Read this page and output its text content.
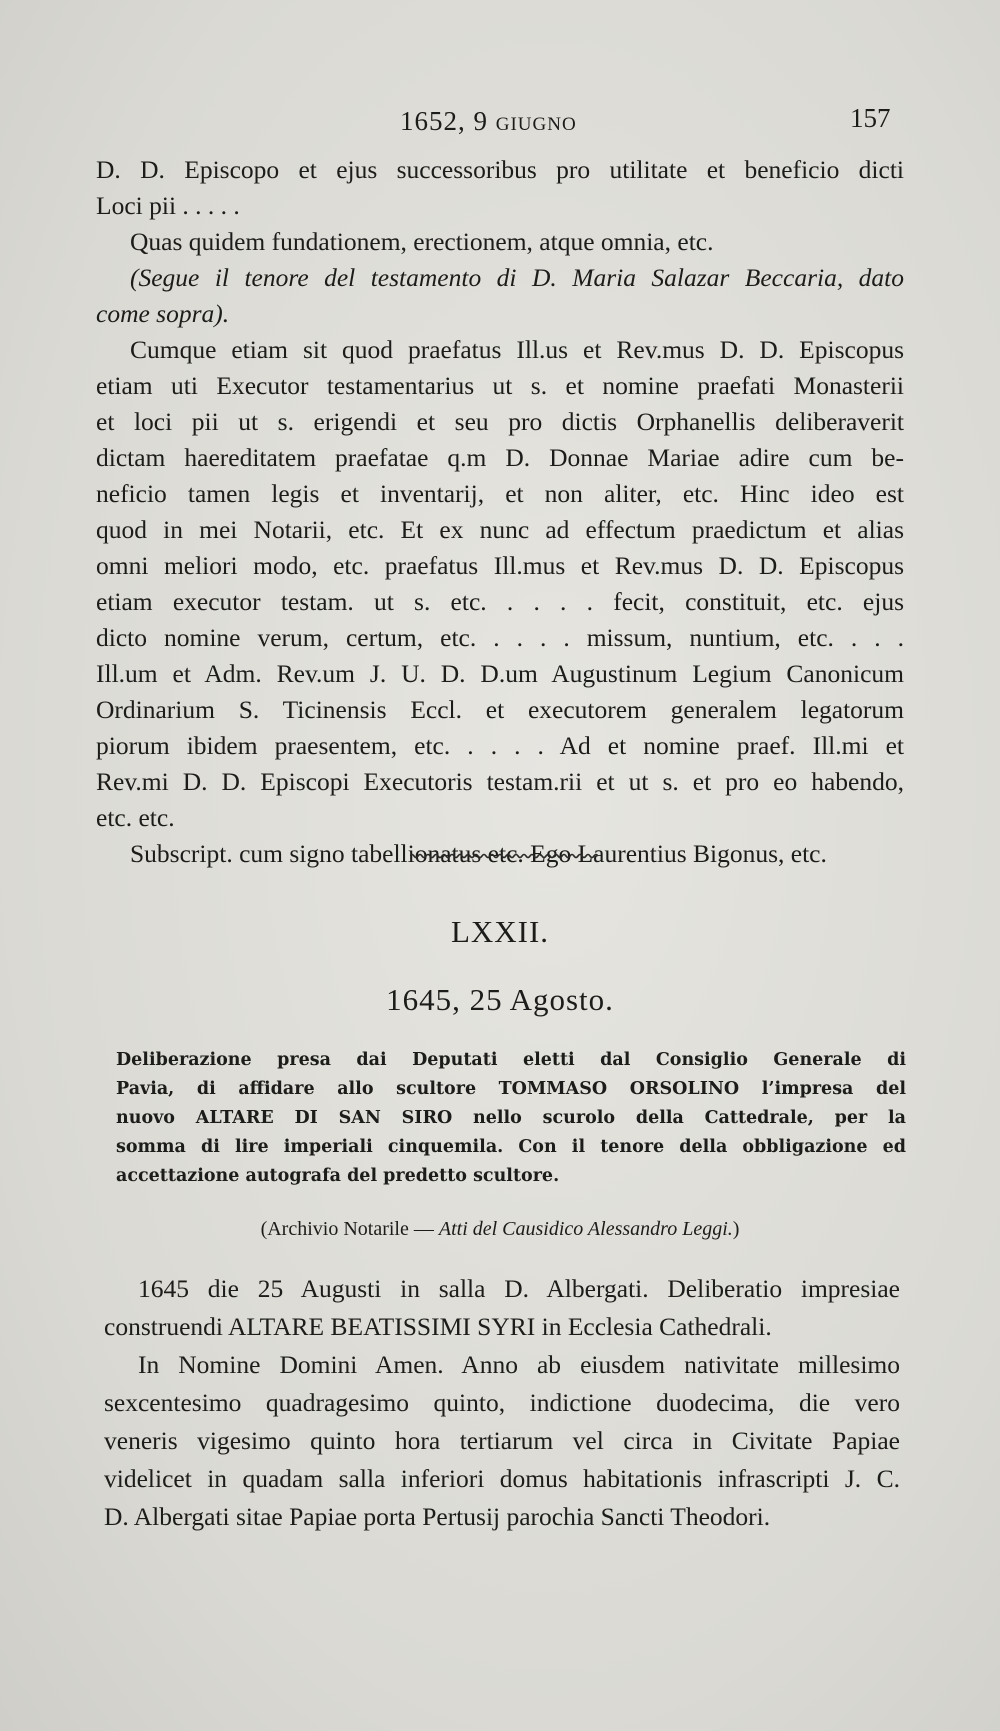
1652, 9 GIUGNO	157
D. D. Episcopo et ejus successoribus pro utilitate et beneficio dicti
Loci pii . . . . .
Quas quidem fundationem, erectionem, atque omnia, etc.
(Segue il tenore del testamento di D. Maria Salazar Beccaria, dato
come sopra).
Cumque etiam sit quod praefatus Ill.us et Rev.mus D. D. Episcopus
etiam uti Executor testamentarius ut s. et nomine praefati Monasterii
et loci pii ut s. erigendi et seu pro dictis Orphanellis deliberaverit
dictam haereditatem praefatae q.m D. Donnae Mariae adire cum be-
neficio tamen legis et inventarij, et non aliter, etc. Hinc ideo est
quod in mei Notarii, etc. Et ex nunc ad effectum praedictum et alias
omni meliori modo, etc. praefatus Ill.mus et Rev.mus D. D. Episcopus
etiam executor testam. ut s. etc. . . . . fecit, constituit, etc. ejus
dicto nomine verum, certum, etc. . . . . missum, nuntium, etc. . . .
Ill.um et Adm. Rev.um J. U. D. D.um Augustinum Legium Canonicum
Ordinarium S. Ticinensis Eccl. et executorem generalem legatorum
piorum ibidem praesentem, etc. . . . . Ad et nomine praef. Ill.mi et
Rev.mi D. D. Episcopi Executoris testam.rii et ut s. et pro eo habendo,
etc. etc.
Subscript. cum signo tabellionatus etc. Ego Laurentius Bigonus, etc.
LXXII.
1645, 25 Agosto.
Deliberazione presa dai Deputati eletti dal Consiglio Generale di
Pavia, di affidare allo scultore TOMMASO ORSOLINO l’impresa del
nuovo ALTARE DI SAN SIRO nello scurolo della Cattedrale, per la
somma di lire imperiali cinquemila. Con il tenore della obbligazione ed
accettazione autografa del predetto scultore.
(Archivio Notarile — Atti del Causidico Alessandro Leggi.)
1645 die 25 Augusti in salla D. Albergati. Deliberatio impresiae
construendi ALTARE BEATISSIMI SYRI in Ecclesia Cathedrali.
In Nomine Domini Amen. Anno ab eiusdem nativitate millesimo
sexcentesimo quadragesimo quinto, indictione duodecima, die vero
veneris vigesimo quinto hora tertiarum vel circa in Civitate Papiae
videlicet in quadam salla inferiori domus habitationis infrascripti J. C.
D. Albergati sitae Papiae porta Pertusij parochia Sancti Theodori.
